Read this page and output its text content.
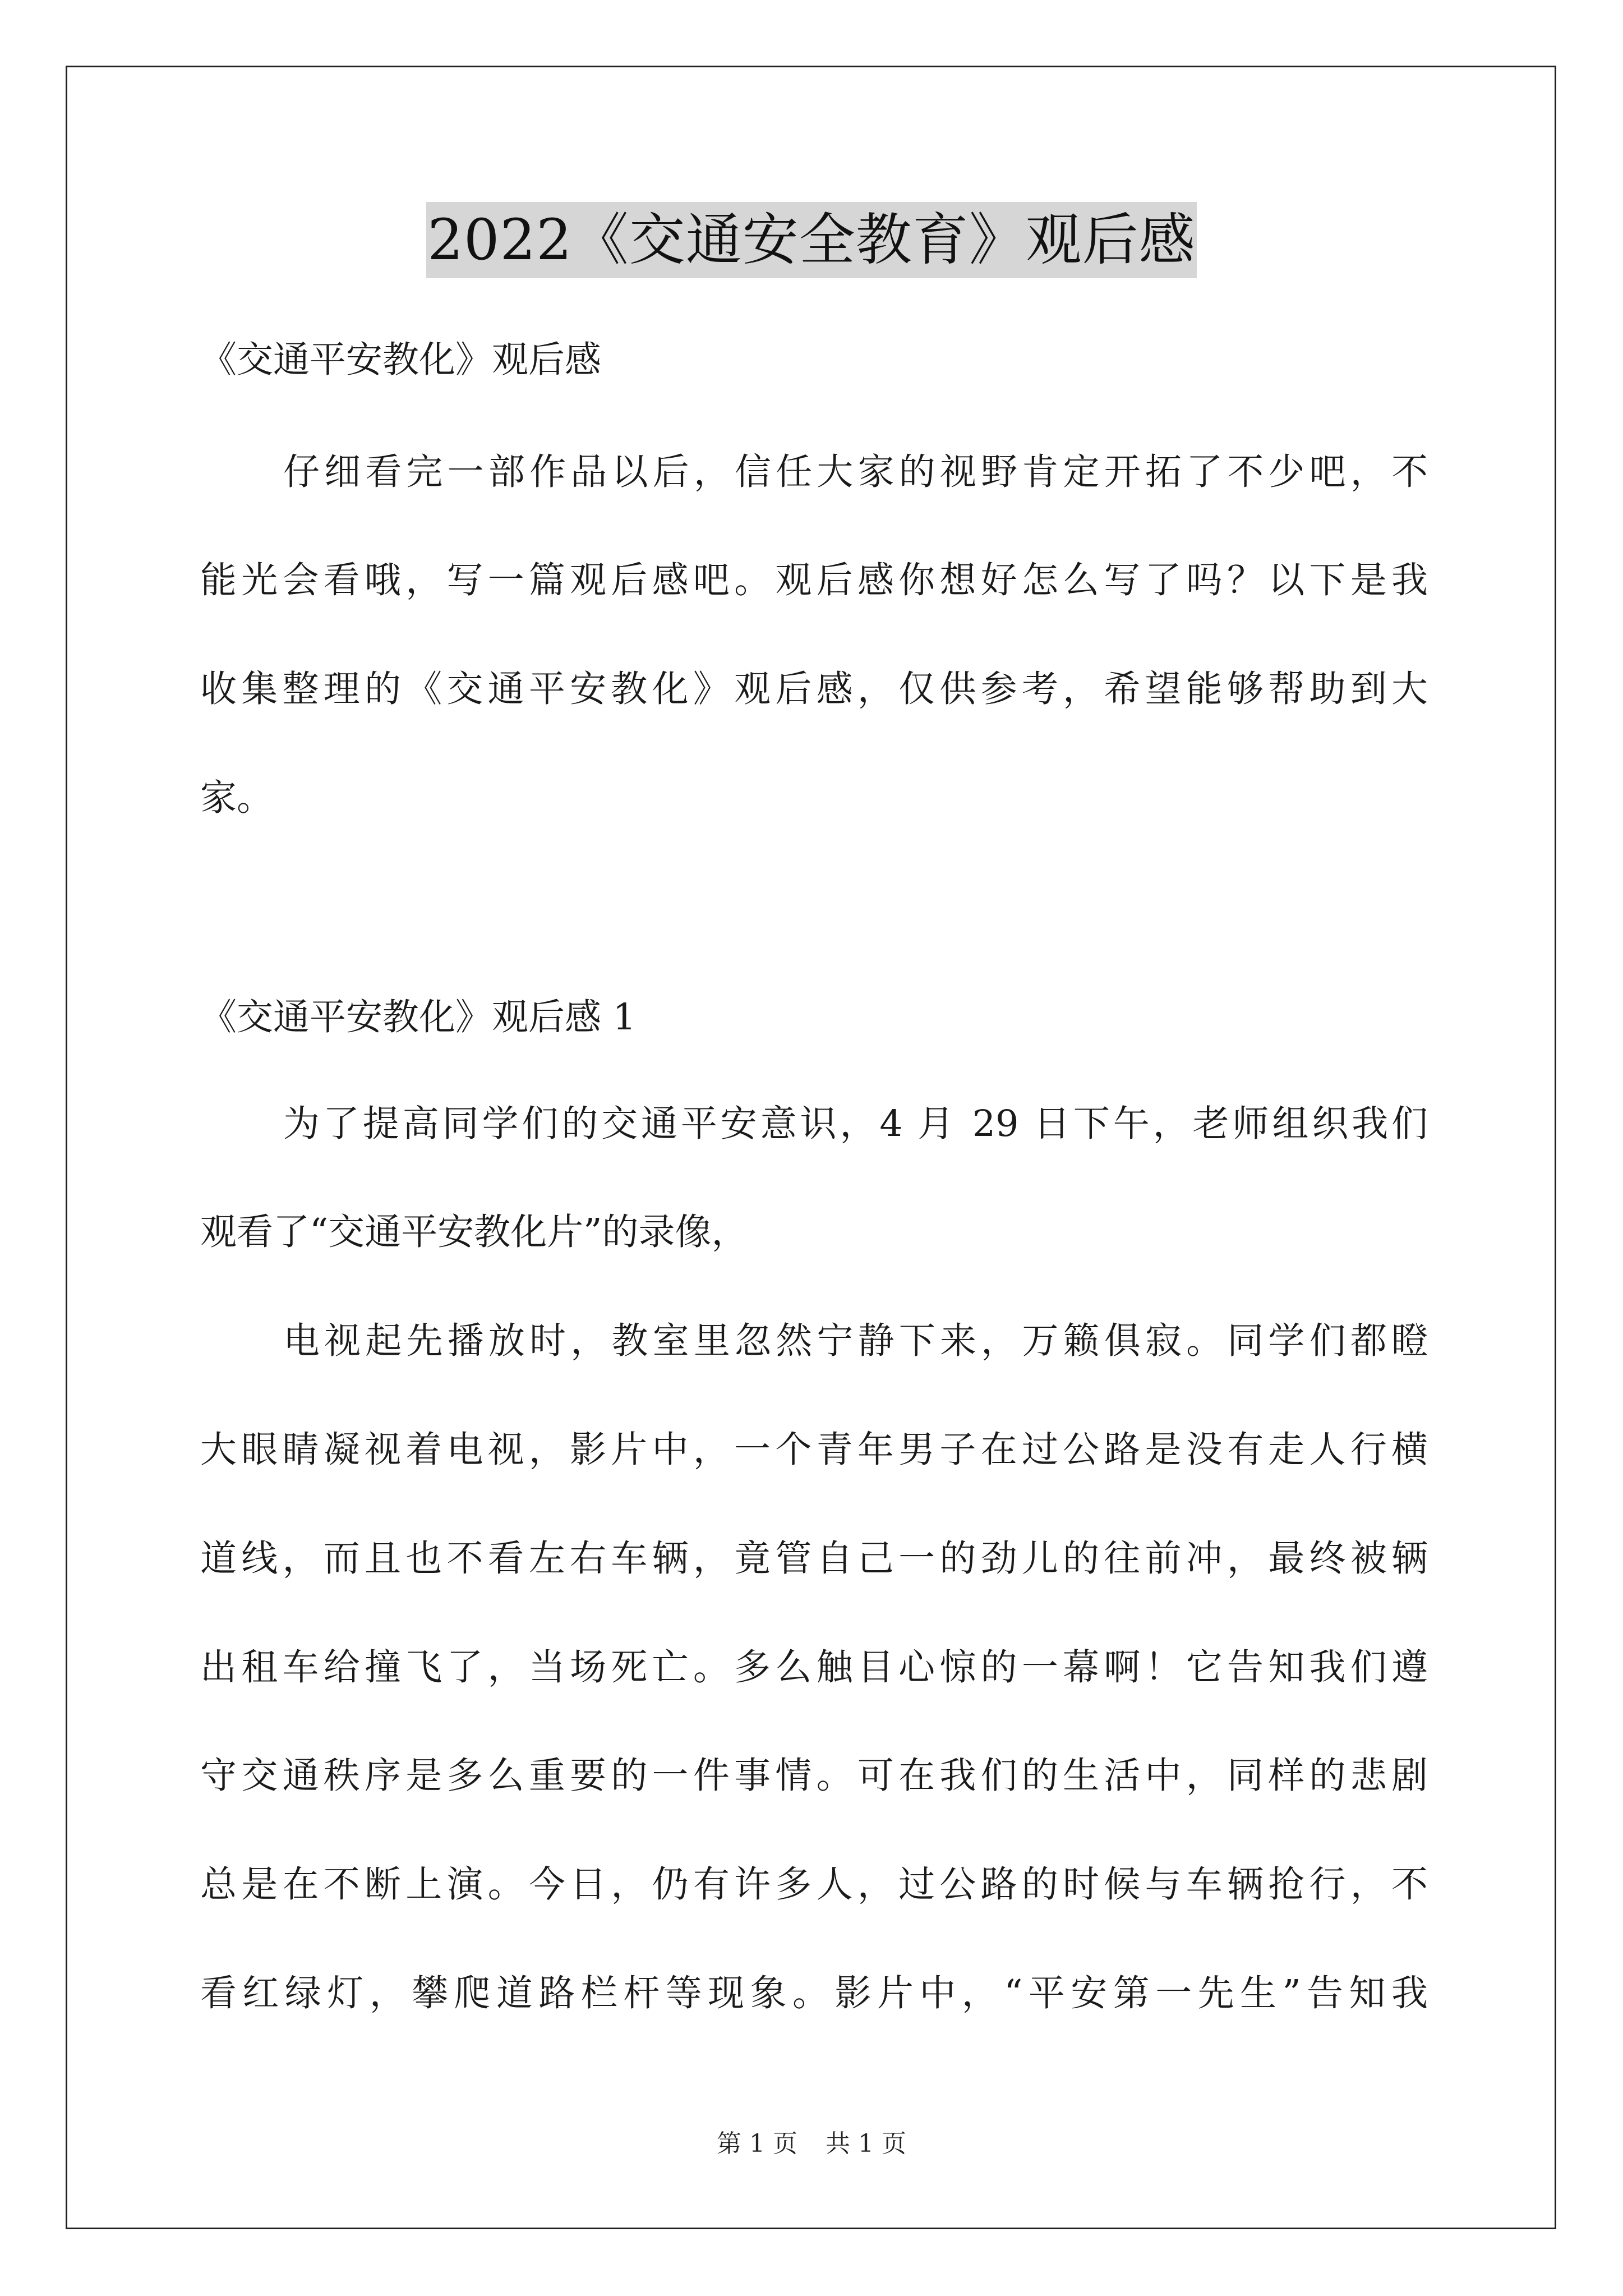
2022《交通安全教育》观后感
《交通平安教化》观后感
仔细看完一部作品以后，信任大家的视野肯定开拓了不少吧，不
能光会看哦，写一篇观后感吧。观后感你想好怎么写了吗？以下是我
收集整理的《交通平安教化》观后感，仅供参考，希望能够帮助到大
家。
《交通平安教化》观后感 1
为了提高同学们的交通平安意识，4 月 29 日下午，老师组织我们
观看了“交通平安教化片”的录像，
电视起先播放时，教室里忽然宁静下来，万籁俱寂。同学们都瞪
大眼睛凝视着电视，影片中，一个青年男子在过公路是没有走人行横
道线，而且也不看左右车辆，竟管自己一的劲儿的往前冲，最终被辆
出租车给撞飞了，当场死亡。多么触目心惊的一幕啊！它告知我们遵
守交通秩序是多么重要的一件事情。可在我们的生活中，同样的悲剧
总是在不断上演。今日，仍有许多人，过公路的时候与车辆抢行，不
看红绿灯，攀爬道路栏杆等现象。影片中，“平安第一先生”告知我
第 1 页 共 1 页
